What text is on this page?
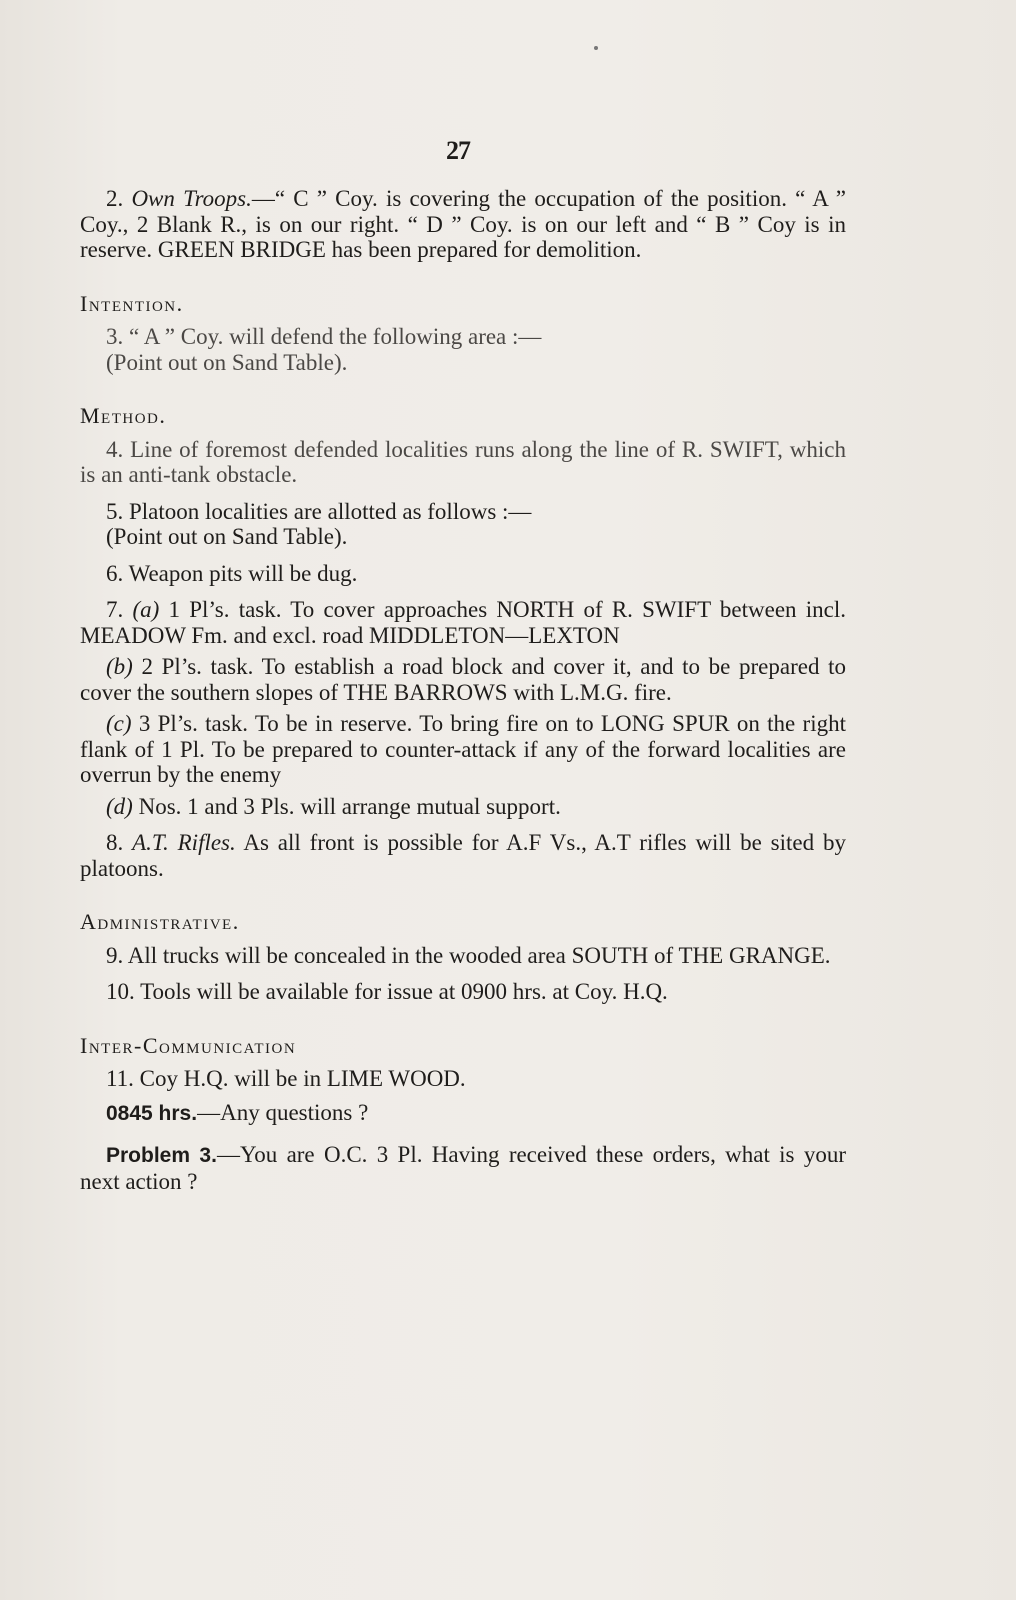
27

2. Own Troops.—“ C ” Coy. is covering the occupation of the position. “ A ” Coy., 2 Blank R., is on our right. “ D ” Coy. is on our left and “ B ” Coy is in reserve. GREEN BRIDGE has been prepared for demolition.

Intention.

3. “ A ” Coy. will defend the following area :—

(Point out on Sand Table).

Method.

4. Line of foremost defended localities runs along the line of R. SWIFT, which is an anti-tank obstacle.

5. Platoon localities are allotted as follows :—

(Point out on Sand Table).

6. Weapon pits will be dug.

7. (a) 1 Pl’s. task. To cover approaches NORTH of R. SWIFT between incl. MEADOW Fm. and excl. road MIDDLETON—LEXTON

(b) 2 Pl’s. task. To establish a road block and cover it, and to be prepared to cover the southern slopes of THE BARROWS with L.M.G. fire.

(c) 3 Pl’s. task. To be in reserve. To bring fire on to LONG SPUR on the right flank of 1 Pl. To be prepared to counter-attack if any of the forward localities are overrun by the enemy

(d) Nos. 1 and 3 Pls. will arrange mutual support.

8. A.T. Rifles. As all front is possible for A.F Vs., A.T rifles will be sited by platoons.

Administrative.

9. All trucks will be concealed in the wooded area SOUTH of THE GRANGE.

10. Tools will be available for issue at 0900 hrs. at Coy. H.Q.

Inter-Communication

11. Coy H.Q. will be in LIME WOOD.

0845 hrs.—Any questions ?

Problem 3.—You are O.C. 3 Pl. Having received these orders, what is your next action ?
